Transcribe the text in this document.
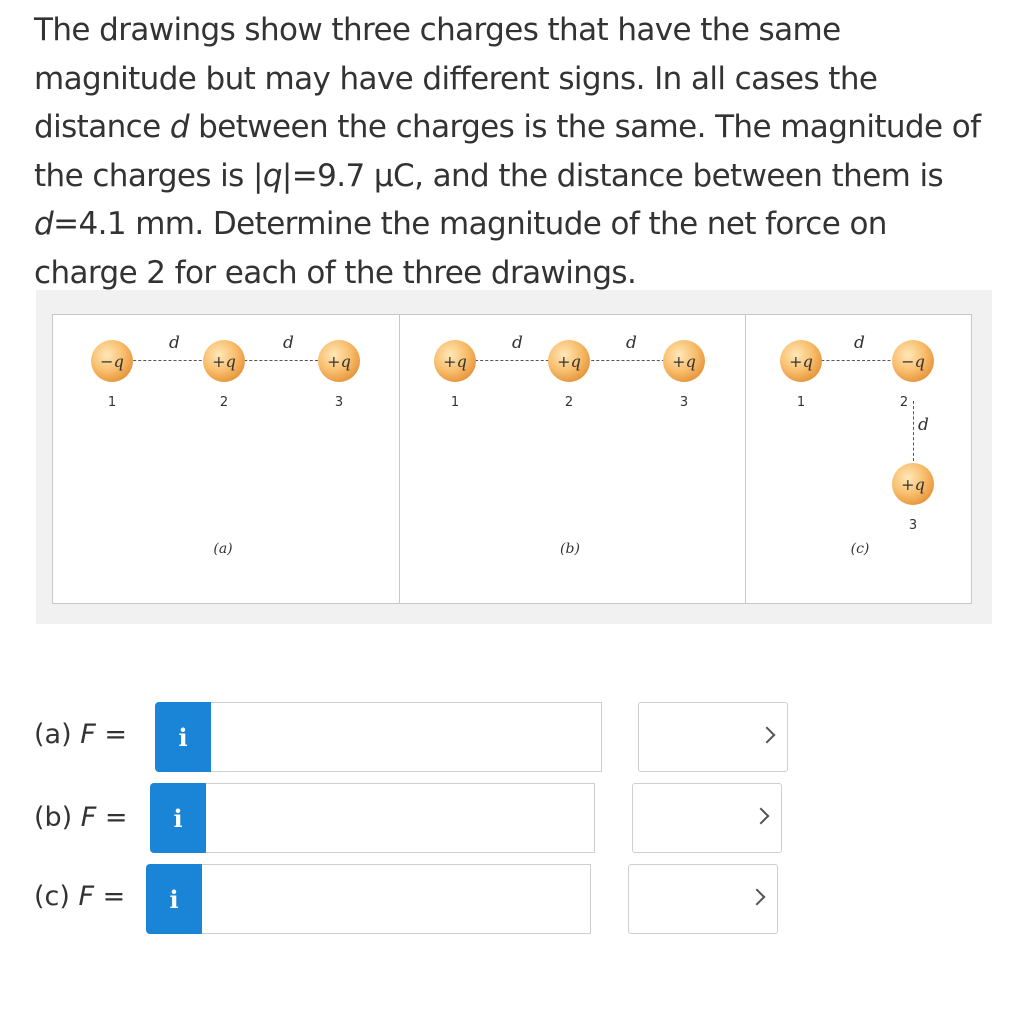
The drawings show three charges that have the same magnitude but may have different signs. In all cases the distance d between the charges is the same. The magnitude of the charges is |q|=9.7 μC, and the distance between them is d=4.1 mm. Determine the magnitude of the net force on charge 2 for each of the three drawings.
d	d
−q	+q	+q
1	2	3
(a)
d	d
+q	+q	+q
1	2	3
(b)
d
d
+q	−q
+q
1	2
3
(c)
(a) F = i
(b) F = i
(c) F = i
